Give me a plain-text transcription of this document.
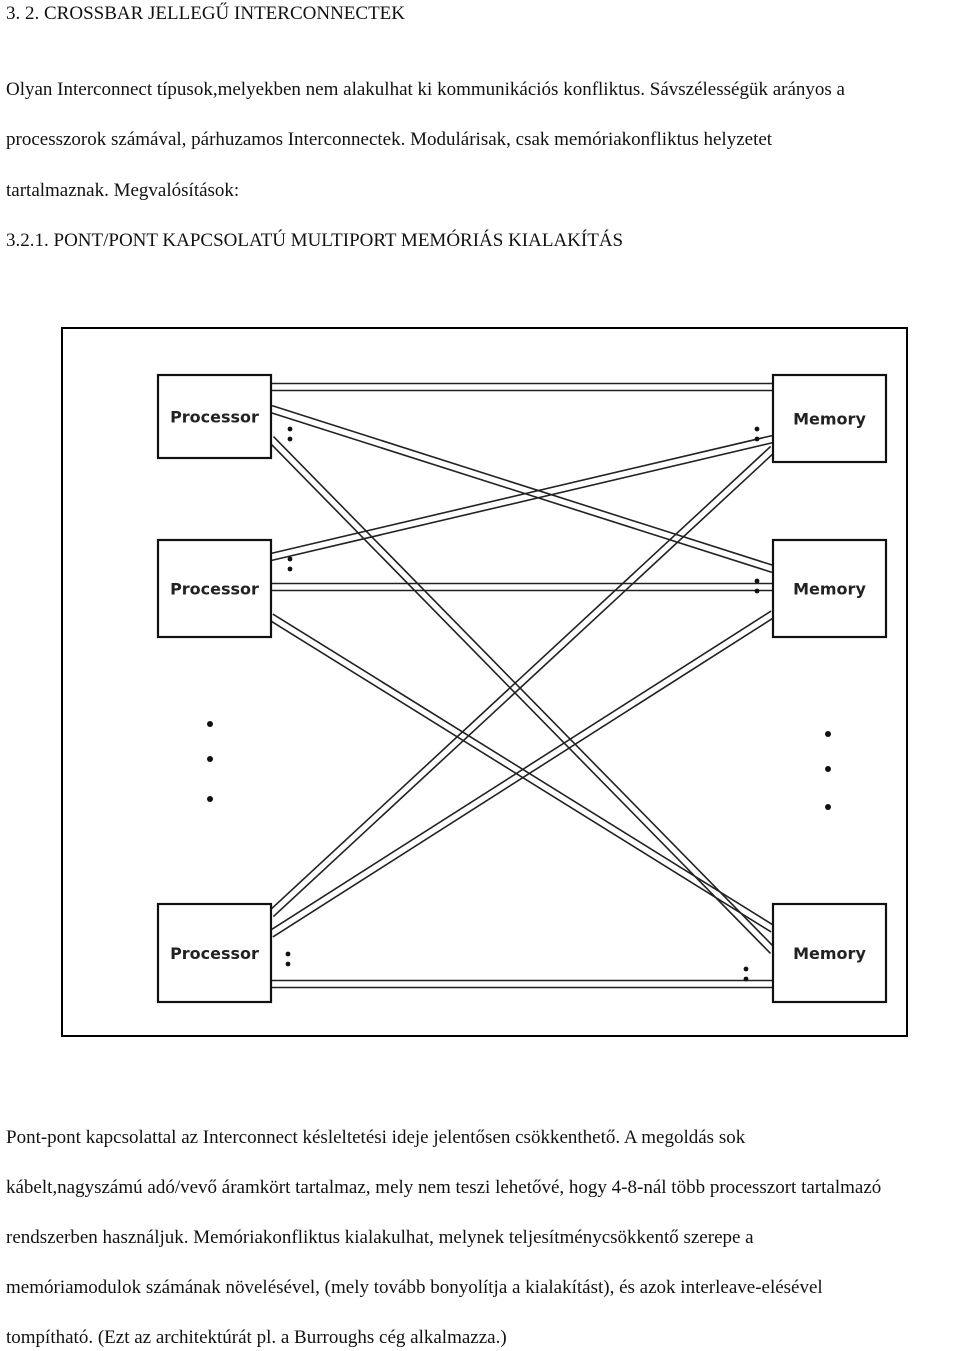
3. 2. CROSSBAR JELLEGŰ INTERCONNECTEK
Olyan Interconnect típusok,melyekben nem alakulhat ki kommunikációs konfliktus. Sávszélességük arányos a
processzorok számával, párhuzamos Interconnectek. Modulárisak, csak memóriakonfliktus helyzetet
tartalmaznak. Megvalósítások:
3.2.1. PONT/PONT KAPCSOLATÚ MULTIPORT MEMÓRIÁS KIALAKÍTÁS
Processor
Processor
Processor
Memory
Memory
Memory
Pont-pont kapcsolattal az Interconnect késleltetési ideje jelentősen csökkenthető. A megoldás sok
kábelt,nagyszámú adó/vevő áramkört tartalmaz, mely nem teszi lehetővé, hogy 4-8-nál több processzort tartalmazó
rendszerben használjuk. Memóriakonfliktus kialakulhat, melynek teljesítménycsökkentő szerepe a
memóriamodulok számának növelésével, (mely tovább bonyolítja a kialakítást), és azok interleave-elésével
tompítható. (Ezt az architektúrát pl. a Burroughs cég alkalmazza.)
